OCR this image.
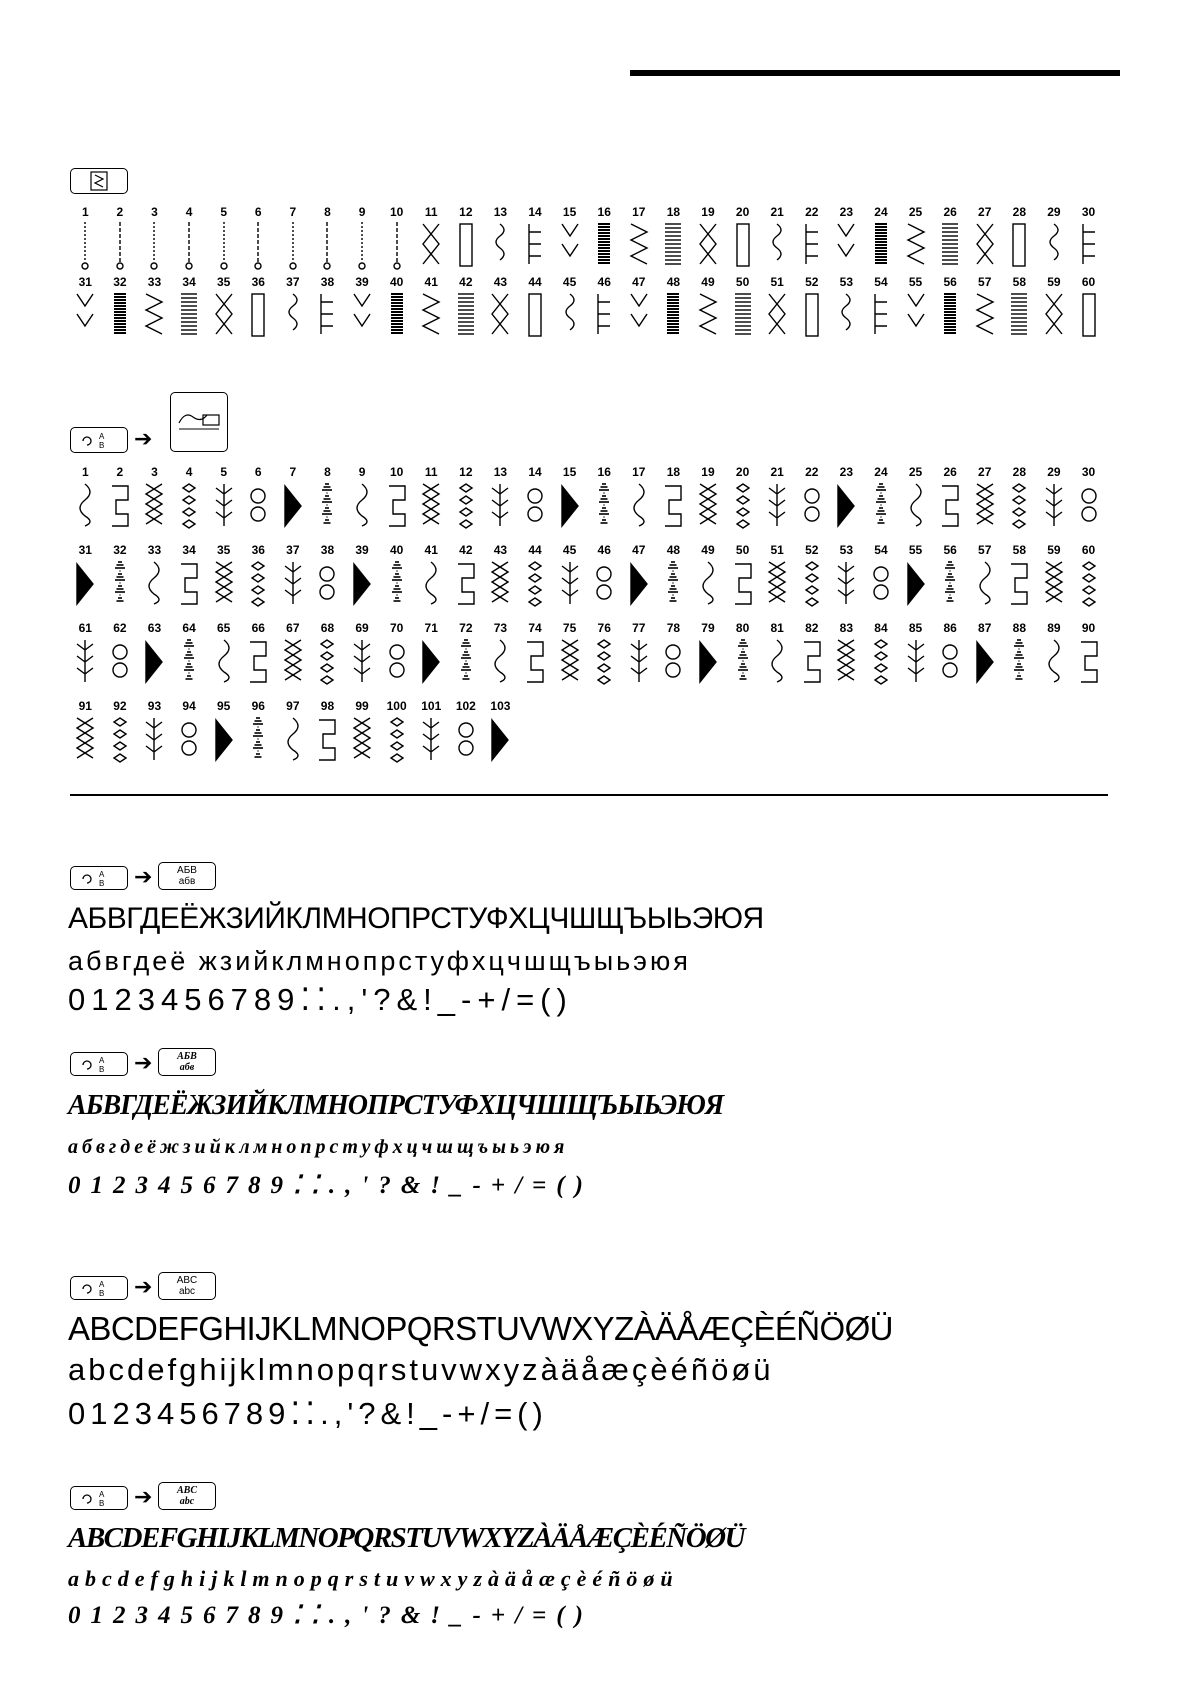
1 2 3 4 5 6 7 8 9 10 11 12 13 14 15 16 17 18 19 20 21 22 23 24 25 26 27 28 29 30
31 32 33 34 35 36 37 38 39 40 41 42 43 44 45 46 47 48 49 50 51 52 53 54 55 56 57 58 59 60
A
B ➔
1 2 3 4 5 6 7 8 9 10 11 12 13 14 15 16 17 18 19 20 21 22 23 24 25 26 27 28 29 30
31 32 33 34 35 36 37 38 39 40 41 42 43 44 45 46 47 48 49 50 51 52 53 54 55 56 57 58 59 60
61 62 63 64 65 66 67 68 69 70 71 72 73 74 75 76 77 78 79 80 81 82 83 84 85 86 87 88 89 90
91 92 93 94 95 96 97 98 99 100 101 102 103
A
B ➔	АБВ
абв
АБВГДЕЁЖЗИЙКЛМНОПРСТУФХЦЧШЩЪЫЬЭЮЯ
абвгдеё жзийклмнопрстуфхцчшщъыьэюя
0123456789⁚⁚.,'?&!_-+/=()
A
B ➔	АБВ
абв
АБВГДЕЁЖЗИЙКЛМНОПРСТУФХЦЧШЩЪЫЬЭЮЯ
абвгдеёжзийклмнопрстуфхцчшщъыьэюя
0123456789⁚⁚.,'?&!_-+/=()
A
B ➔	ABC
abc
ABCDEFGHIJKLMNOPQRSTUVWXYZÀÄÅÆÇÈÉÑÖØÜ
abcdefghijklmnopqrstuvwxyzàäåæçèéñöøü
0123456789⁚⁚.,'?&!_-+/=()
A
B ➔	ABC
abc
ABCDEFGHIJKLMNOPQRSTUVWXYZÀÄÅÆÇÈÉÑÖØÜ
abcdefghijklmnopqrstuvwxyzàäåæçèéñöøü
0123456789⁚⁚.,'?&!_-+/=()
